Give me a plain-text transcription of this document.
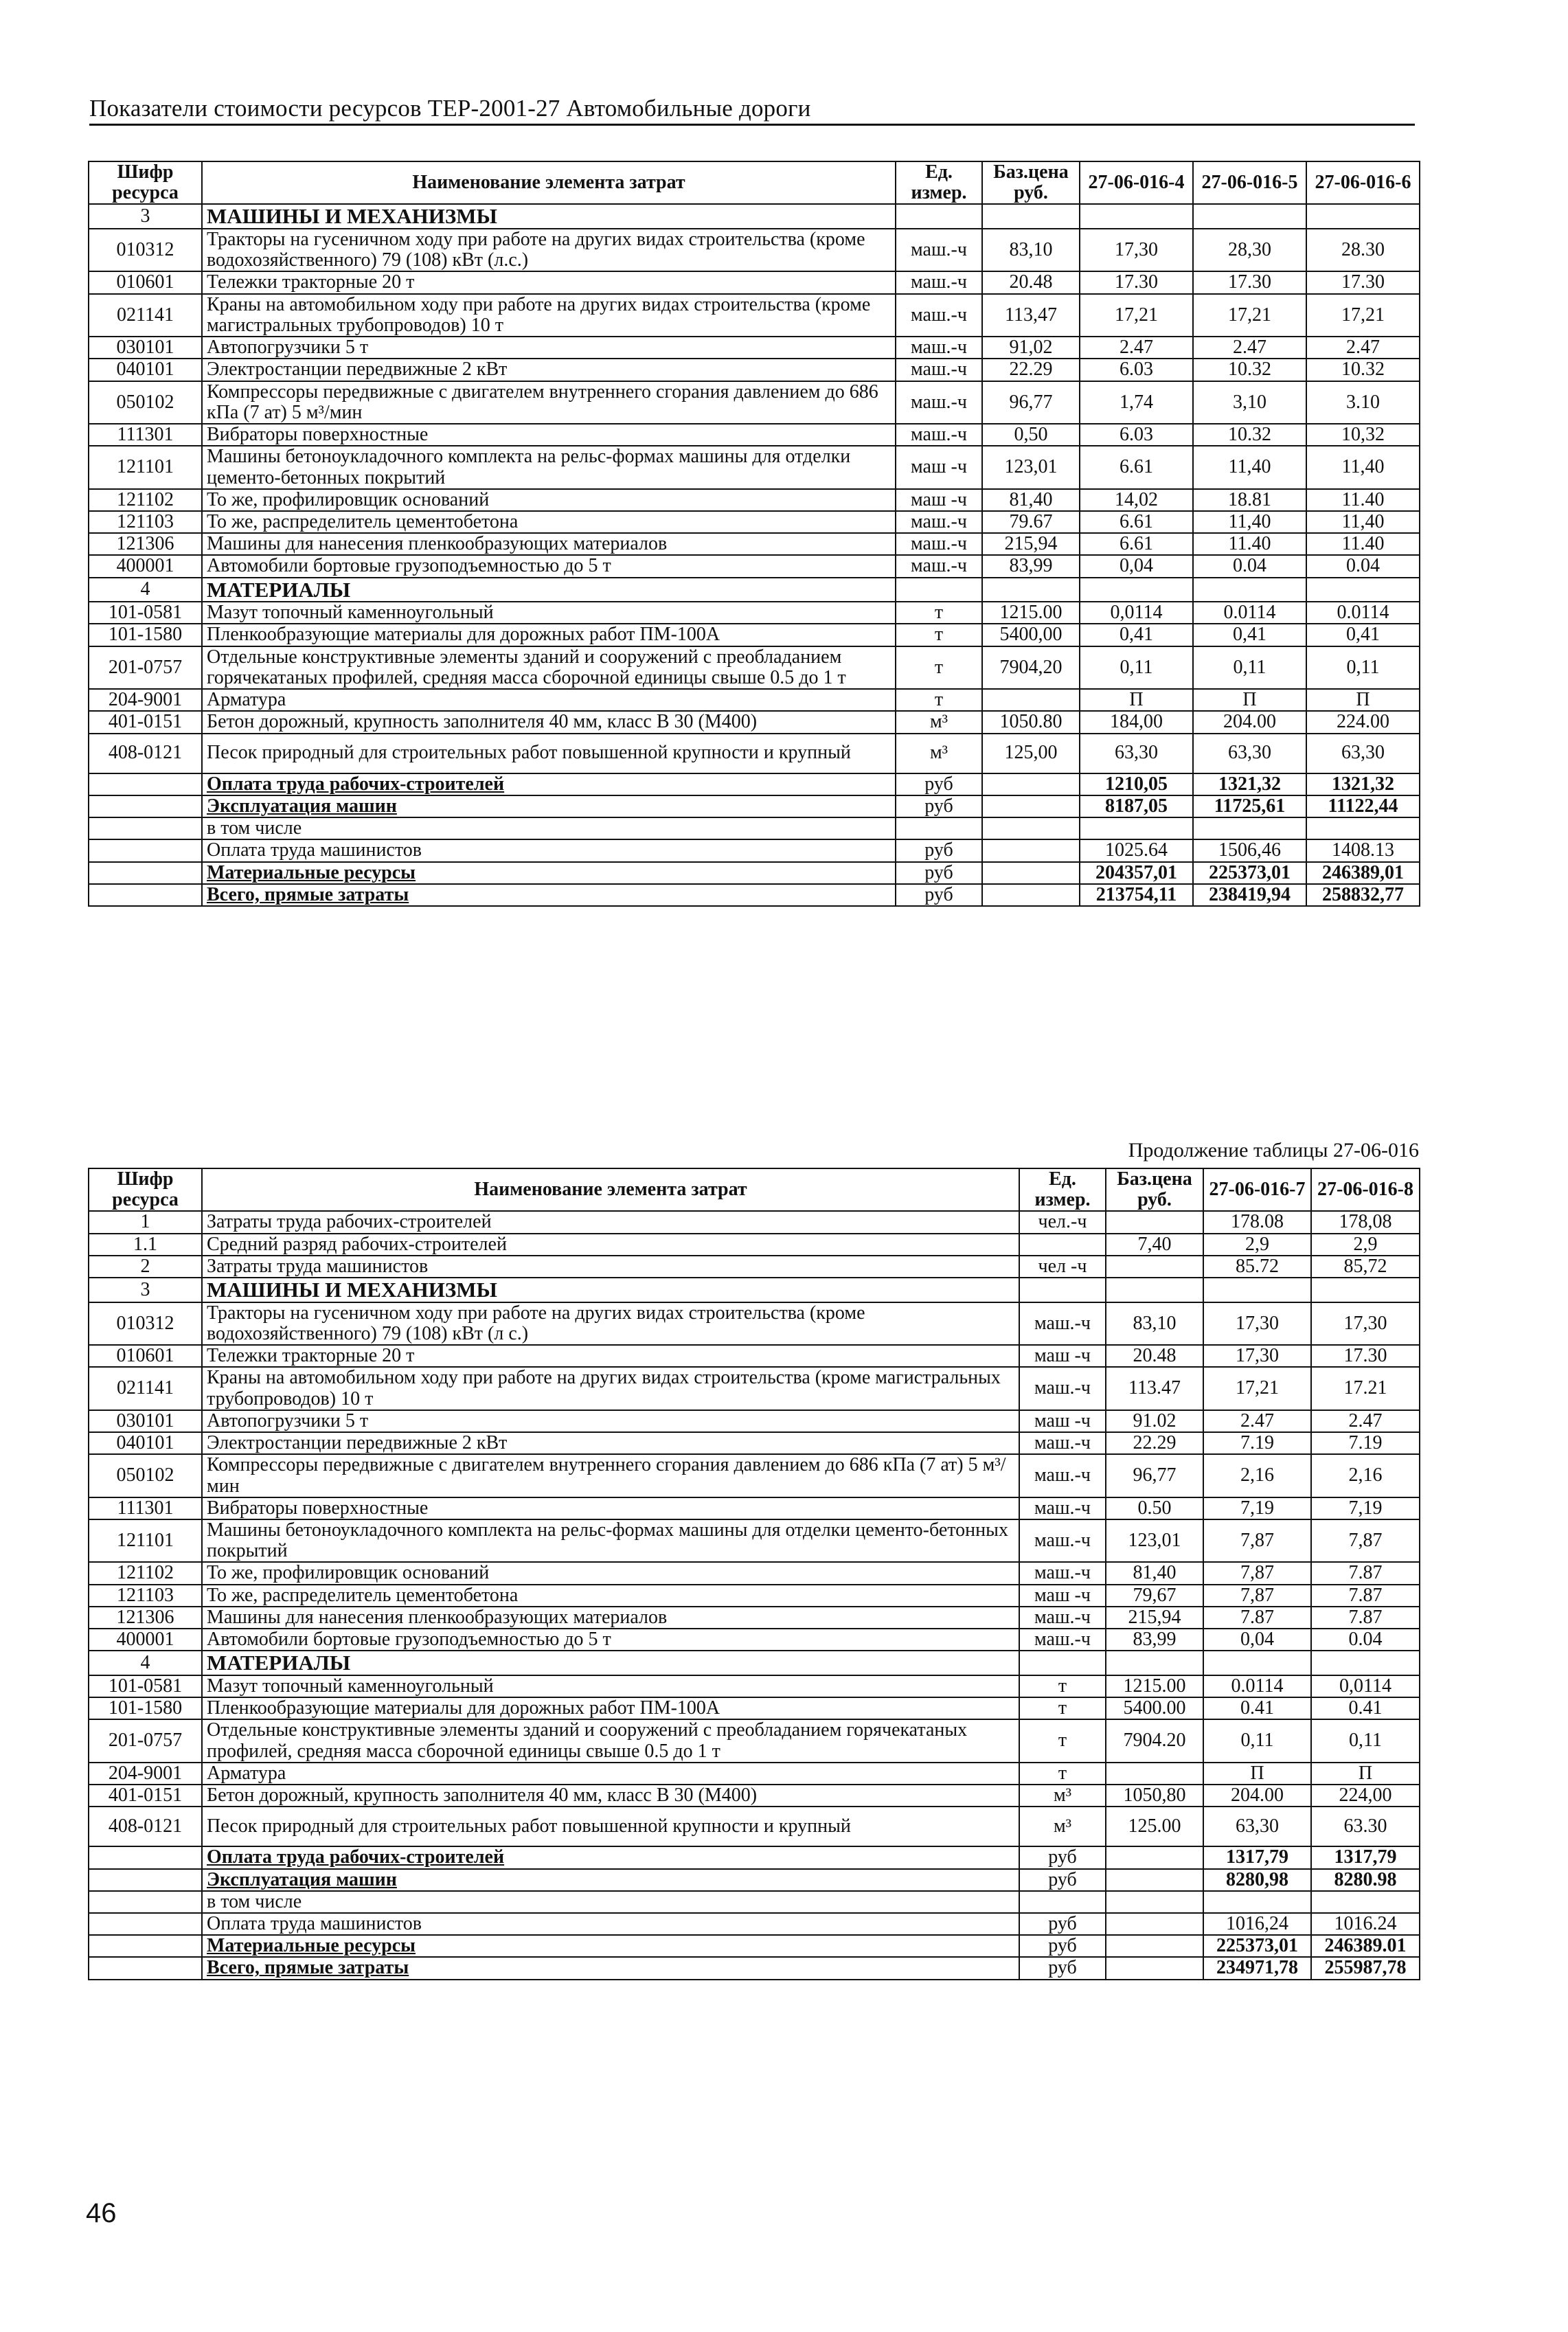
Показатели стоимости ресурсов ТЕР-2001-27 Автомобильные дороги
Шифр ресурса	Наименование элемента затрат	Ед. измер.	Баз.цена руб.	27-06-016-4	27-06-016-5	27-06-016-6
3	МАШИНЫ И МЕХАНИЗМЫ					
010312	Тракторы на гусеничном ходу при работе на других видах строительства (кроме водохозяйственного) 79 (108) кВт (л.с.)	маш.-ч	83,10	17,30	28,30	28.30
010601	Тележки тракторные 20 т	маш.-ч	20.48	17.30	17.30	17.30
021141	Краны на автомобильном ходу при работе на других видах строительства (кроме магистральных трубопроводов) 10 т	маш.-ч	113,47	17,21	17,21	17,21
030101	Автопогрузчики 5 т	маш.-ч	91,02	2.47	2.47	2.47
040101	Электростанции передвижные 2 кВт	маш.-ч	22.29	6.03	10.32	10.32
050102	Компрессоры передвижные с двигателем внутреннего сгорания давлением до 686 кПа (7 ат) 5 м³/мин	маш.-ч	96,77	1,74	3,10	3.10
111301	Вибраторы поверхностные	маш.-ч	0,50	6.03	10.32	10,32
121101	Машины бетоноукладочного комплекта на рельс-формах машины для отделки цементо-бетонных покрытий	маш -ч	123,01	6.61	11,40	11,40
121102	То же, профилировщик оснований	маш -ч	81,40	14,02	18.81	11.40
121103	То же, распределитель цементобетона	маш.-ч	79.67	6.61	11,40	11,40
121306	Машины для нанесения пленкообразующих материалов	маш.-ч	215,94	6.61	11.40	11.40
400001	Автомобили бортовые грузоподъемностью до 5 т	маш.-ч	83,99	0,04	0.04	0.04
4	МАТЕРИАЛЫ					
101-0581	Мазут топочный каменноугольный	т	1215.00	0,0114	0.0114	0.0114
101-1580	Пленкообразующие материалы для дорожных работ ПМ-100А	т	5400,00	0,41	0,41	0,41
201-0757	Отдельные конструктивные элементы зданий и сооружений с преобладанием горячекатаных профилей, средняя масса сборочной единицы свыше 0.5 до 1 т	т	7904,20	0,11	0,11	0,11
204-9001	Арматура	т		П	П	П
401-0151	Бетон дорожный, крупность заполнителя 40 мм, класс В 30 (М400)	м³	1050.80	184,00	204.00	224.00
408-0121	Песок природный для строительных работ повышенной крупности и крупный	м³	125,00	63,30	63,30	63,30
	Оплата труда рабочих-строителей	руб		1210,05	1321,32	1321,32
	Эксплуатация машин	руб		8187,05	11725,61	11122,44
	в том числе					
	Оплата труда машинистов	руб		1025.64	1506,46	1408.13
	Материальные ресурсы	руб		204357,01	225373,01	246389,01
	Всего, прямые затраты	руб		213754,11	238419,94	258832,77
Продолжение таблицы 27-06-016
Шифр ресурса	Наименование элемента затрат	Ед. измер.	Баз.цена руб.	27-06-016-7	27-06-016-8
1	Затраты труда рабочих-строителей	чел.-ч		178.08	178,08
1.1	Средний разряд рабочих-строителей		7,40	2,9	2,9
2	Затраты труда машинистов	чел -ч		85.72	85,72
3	МАШИНЫ И МЕХАНИЗМЫ				
010312	Тракторы на гусеничном ходу при работе на других видах строительства (кроме водохозяйственного) 79 (108) кВт (л с.)	маш.-ч	83,10	17,30	17,30
010601	Тележки тракторные 20 т	маш -ч	20.48	17,30	17.30
021141	Краны на автомобильном ходу при работе на других видах строительства (кроме магистральных трубопроводов) 10 т	маш.-ч	113.47	17,21	17.21
030101	Автопогрузчики 5 т	маш -ч	91.02	2.47	2.47
040101	Электростанции передвижные 2 кВт	маш.-ч	22.29	7.19	7.19
050102	Компрессоры передвижные с двигателем внутреннего сгорания давлением до 686 кПа (7 ат) 5 м³/мин	маш.-ч	96,77	2,16	2,16
111301	Вибраторы поверхностные	маш.-ч	0.50	7,19	7,19
121101	Машины бетоноукладочного комплекта на рельс-формах машины для отделки цементо-бетонных покрытий	маш.-ч	123,01	7,87	7,87
121102	То же, профилировщик оснований	маш.-ч	81,40	7,87	7.87
121103	То же, распределитель цементобетона	маш -ч	79,67	7,87	7.87
121306	Машины для нанесения пленкообразующих материалов	маш.-ч	215,94	7.87	7.87
400001	Автомобили бортовые грузоподъемностью до 5 т	маш.-ч	83,99	0,04	0.04
4	МАТЕРИАЛЫ				
101-0581	Мазут топочный каменноугольный	т	1215.00	0.0114	0,0114
101-1580	Пленкообразующие материалы для дорожных работ ПМ-100А	т	5400.00	0.41	0.41
201-0757	Отдельные конструктивные элементы зданий и сооружений с преобладанием горячекатаных профилей, средняя масса сборочной единицы свыше 0.5 до 1 т	т	7904.20	0,11	0,11
204-9001	Арматура	т		П	П
401-0151	Бетон дорожный, крупность заполнителя 40 мм, класс В 30 (М400)	м³	1050,80	204.00	224,00
408-0121	Песок природный для строительных работ повышенной крупности и крупный	м³	125.00	63,30	63.30
	Оплата труда рабочих-строителей	руб		1317,79	1317,79
	Эксплуатация машин	руб		8280,98	8280.98
	в том числе				
	Оплата труда машинистов	руб		1016,24	1016.24
	Материальные ресурсы	руб		225373,01	246389.01
	Всего, прямые затраты	руб		234971,78	255987,78
46
